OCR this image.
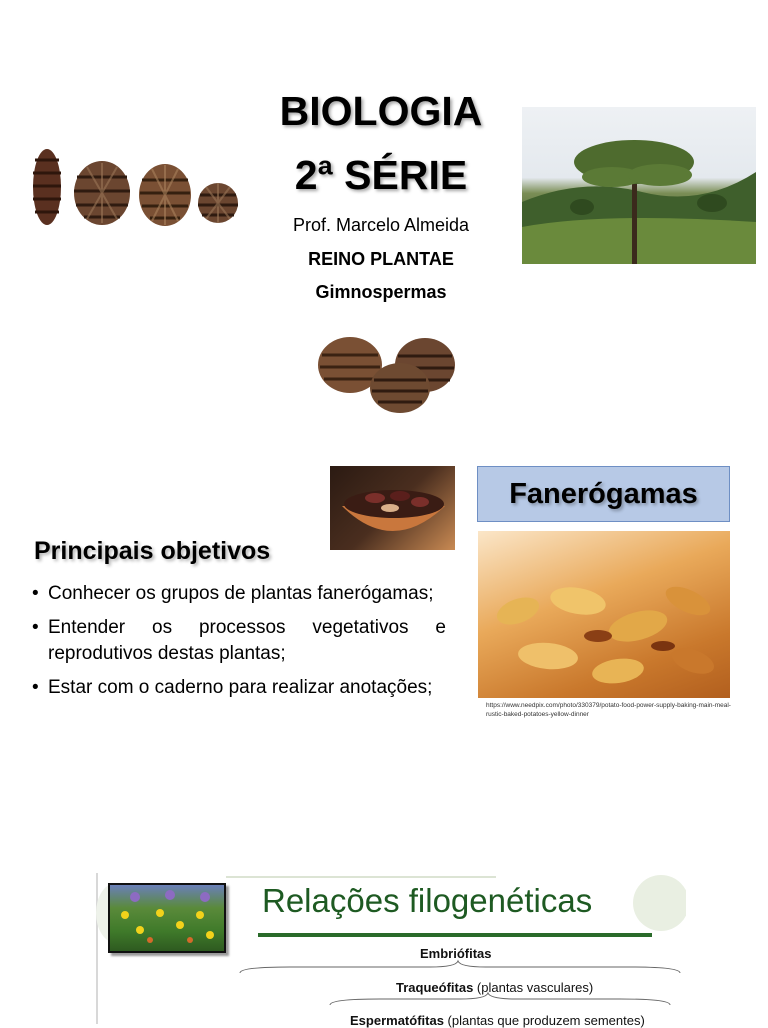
BIOLOGIA
2ª SÉRIE
Prof. Marcelo Almeida
REINO PLANTAE
Gimnospermas
Fanerógamas
https://www.needpix.com/photo/330379/potato-food-power-supply-baking-main-meal-rustic-baked-potatoes-yellow-dinner
Principais objetivos
• Conhecer os grupos de plantas fanerógamas;
• Entender os processos vegetativos e reprodutivos destas plantas;
• Estar com o caderno para realizar anotações;
Relações filogenéticas
Embriófitas
Traqueófitas (plantas vasculares)
Espermatófitas (plantas que produzem sementes)
